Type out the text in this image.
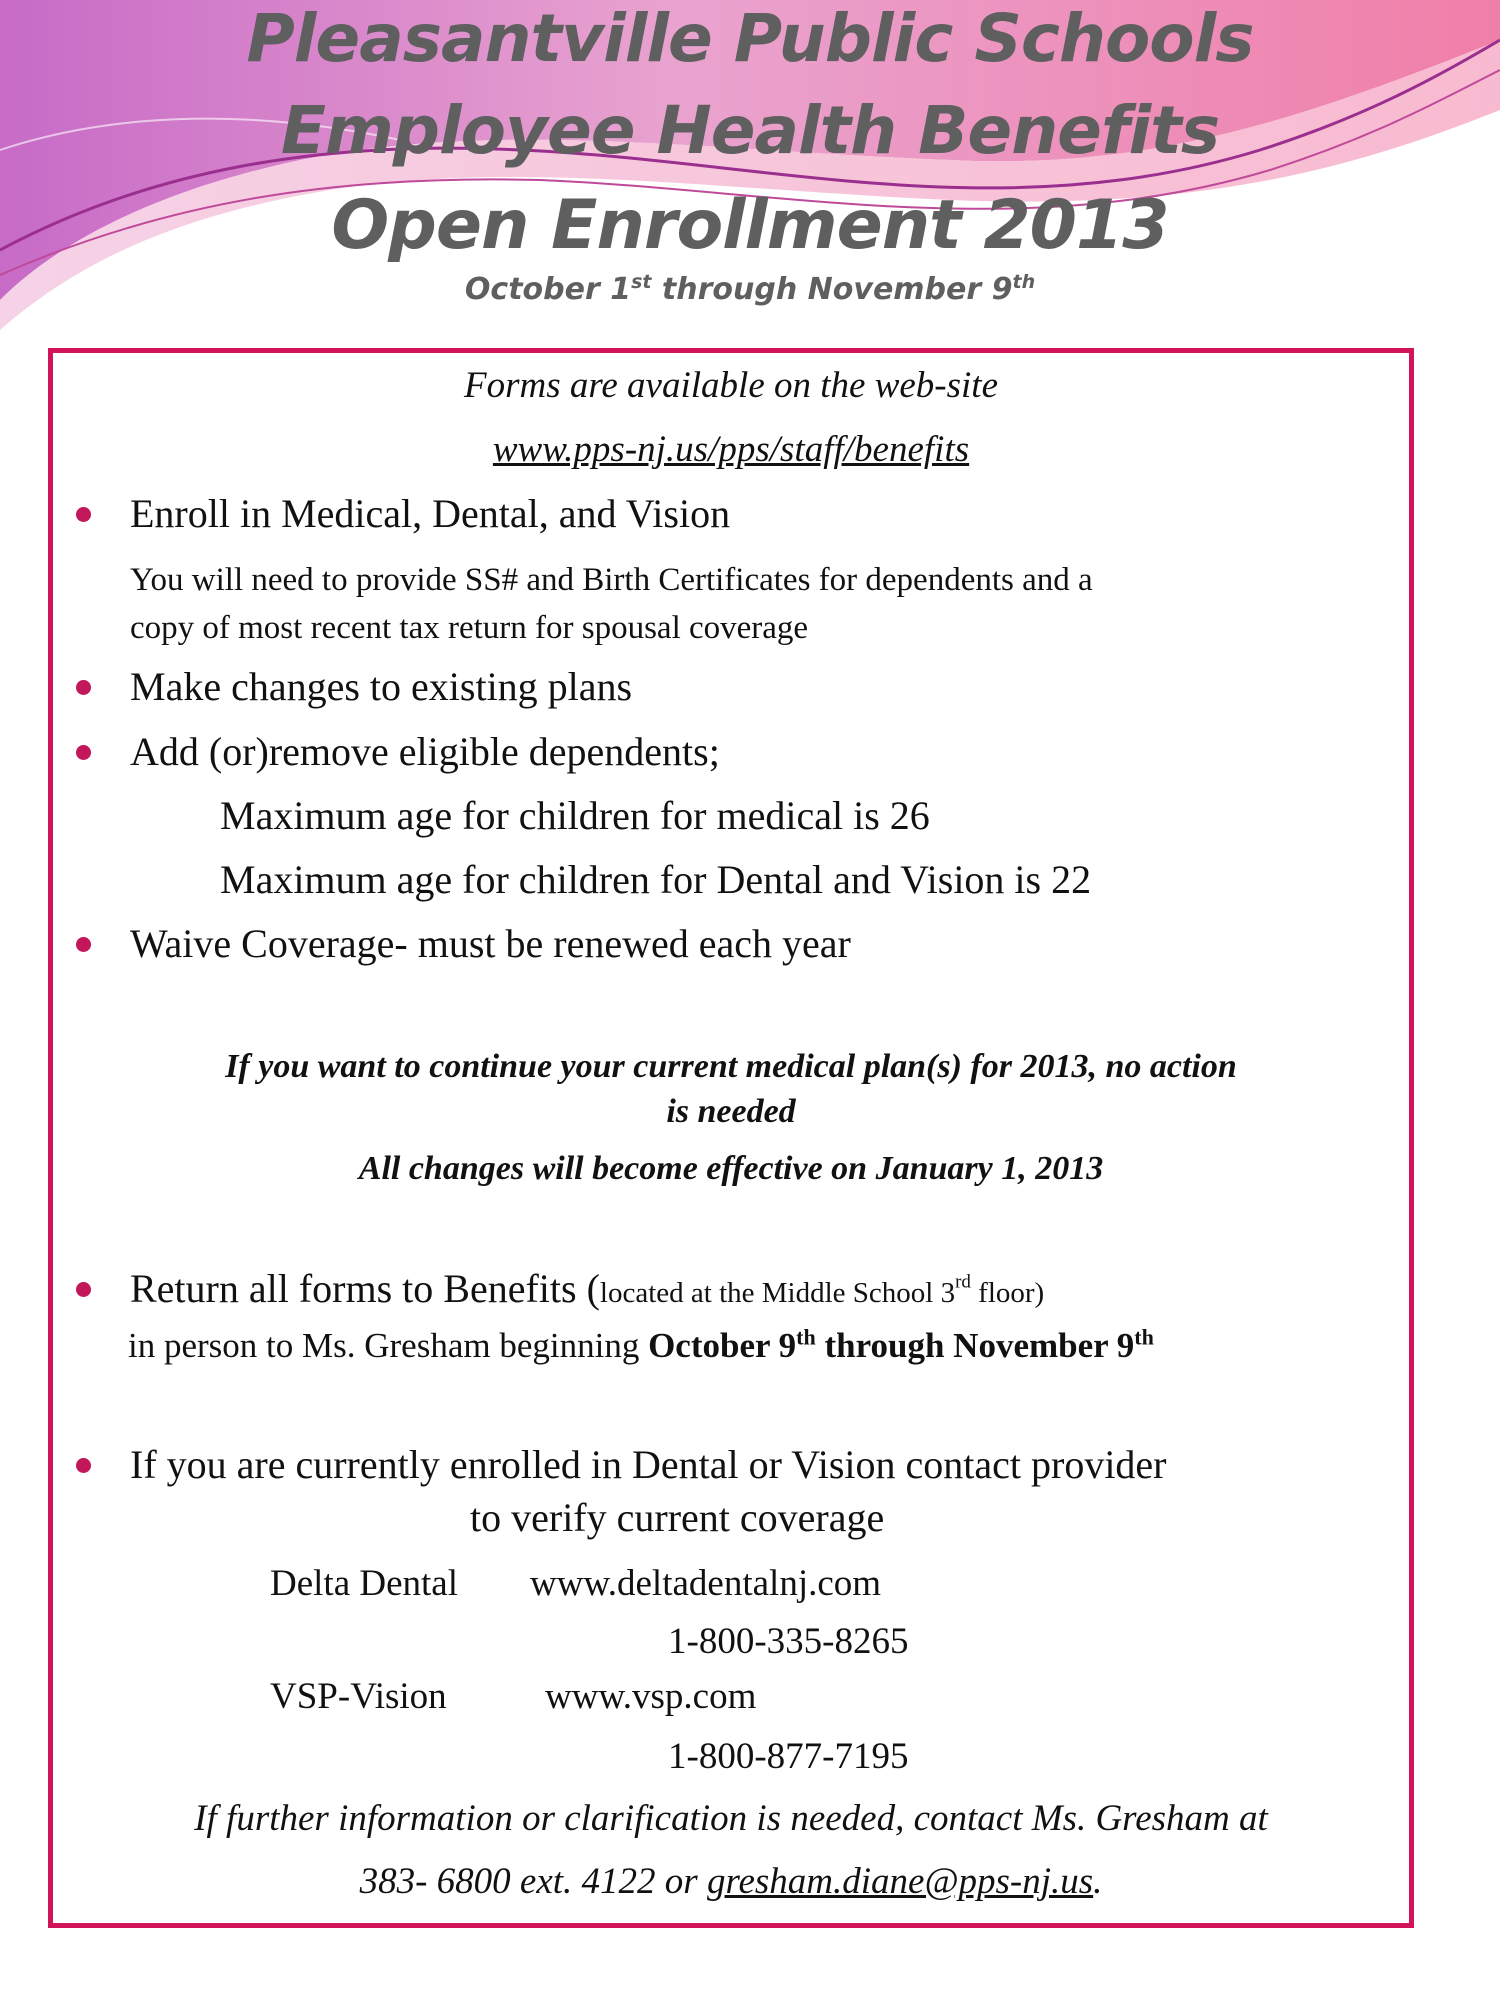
Pleasantville Public Schools
Employee Health Benefits
Open Enrollment 2013
October 1st through November 9th
Forms are available on the web-site
www.pps-nj.us/pps/staff/benefits
Enroll in Medical, Dental, and Vision
You will need to provide SS# and Birth Certificates for dependents and a
copy of most recent tax return for spousal coverage
Make changes to existing plans
Add (or)remove eligible dependents;
Maximum age for children for medical is 26
Maximum age for children for Dental and Vision is 22
Waive Coverage- must be renewed each year
If you want to continue your current medical plan(s) for 2013, no action
is needed
All changes will become effective on January 1, 2013
Return all forms to Benefits (located at the Middle School 3rd floor)
in person to Ms. Gresham beginning October 9th through November 9th
If you are currently enrolled in Dental or Vision contact provider
to verify current coverage
Delta Dental www.deltadentalnj.com
1-800-335-8265
VSP-Vision	www.vsp.com
1-800-877-7195
If further information or clarification is needed, contact Ms. Gresham at
383- 6800 ext. 4122 or gresham.diane@pps-nj.us.
